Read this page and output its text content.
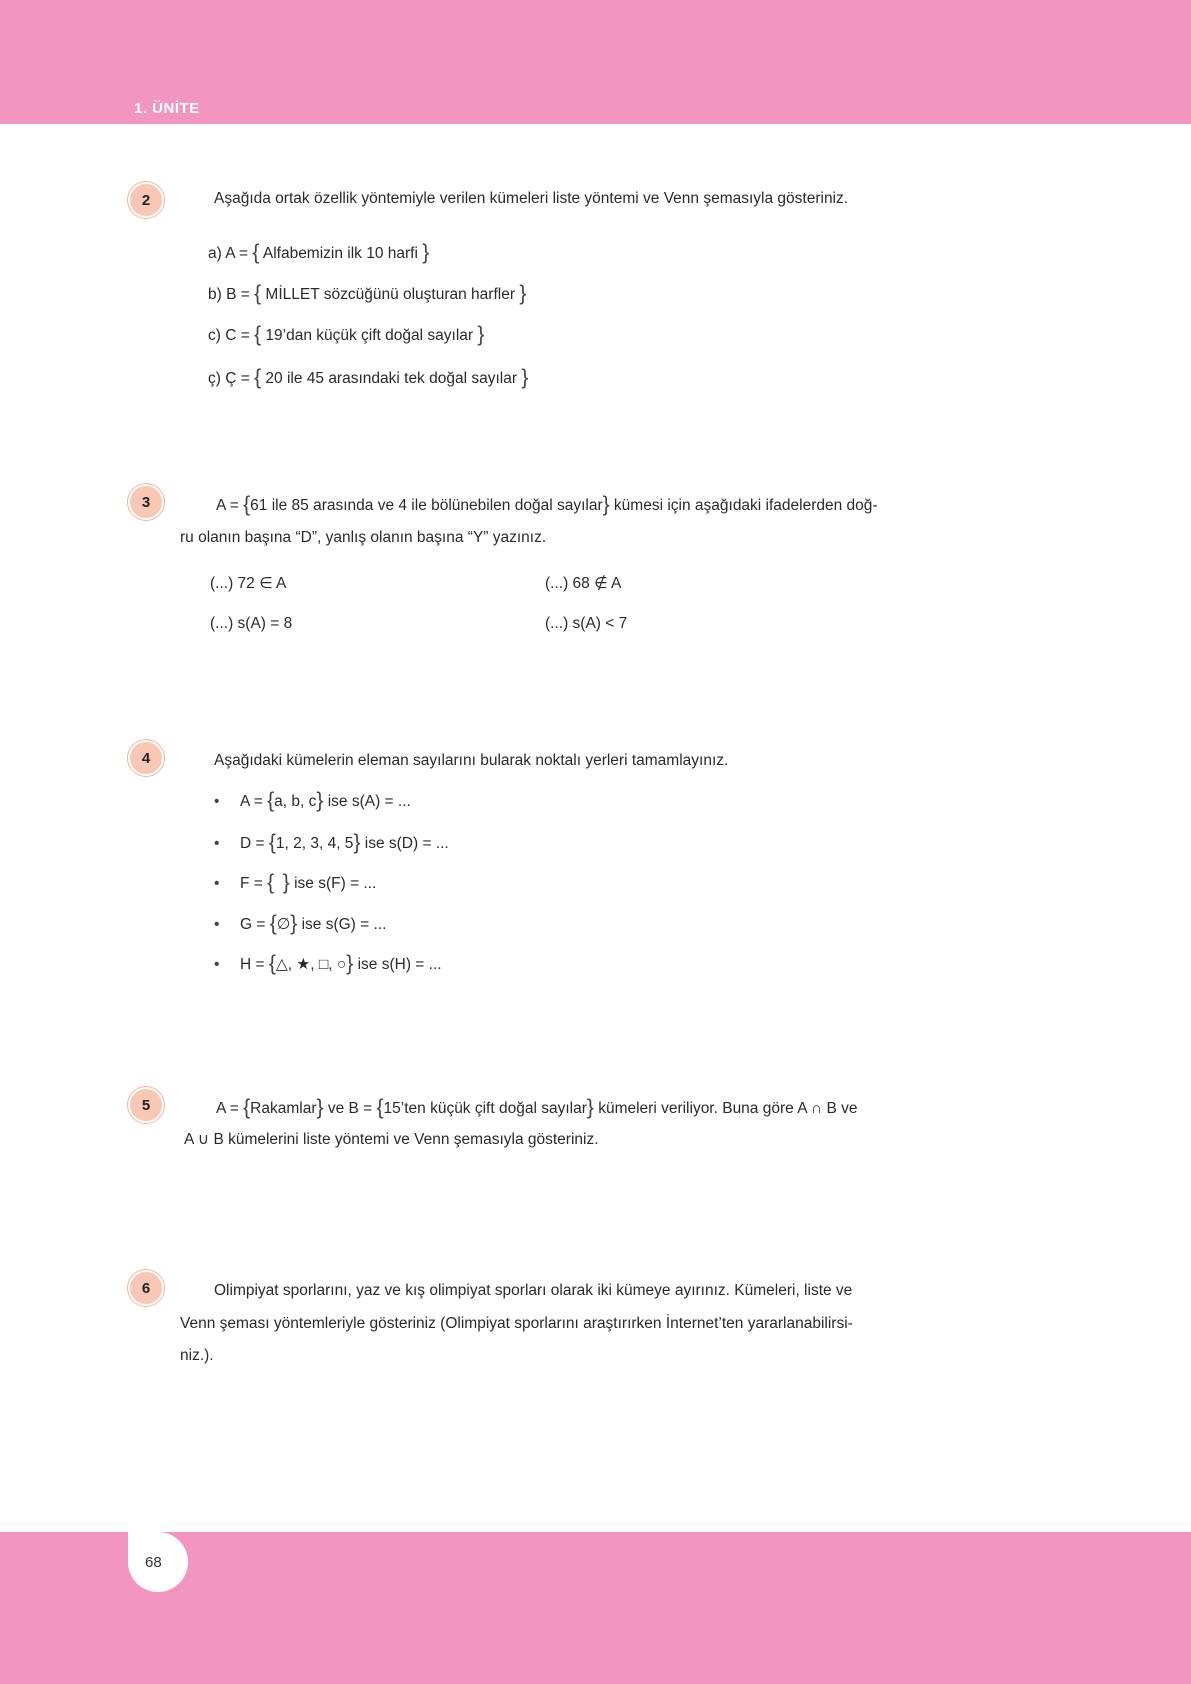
1. ÜNİTE
2	Aşağıda ortak özellik yöntemiyle verilen kümeleri liste yöntemi ve Venn şemasıyla gösteriniz.
a) A = { Alfabemizin ilk 10 harfi }
b) B = { MİLLET sözcüğünü oluşturan harfler }
c) C = { 19’dan küçük çift doğal sayılar }
ç) Ç = { 20 ile 45 arasındaki tek doğal sayılar }
3	A = {61 ile 85 arasında ve 4 ile bölünebilen doğal sayılar} kümesi için aşağıdaki ifadelerden doğ-
ru olanın başına “D”, yanlış olanın başına “Y” yazınız.
(...) 72 ∈ A	(...) 68 ∉ A
(...) s(A) = 8	(...) s(A) < 7
4	Aşağıdaki kümelerin eleman sayılarını bularak noktalı yerleri tamamlayınız.
• A = {a, b, c} ise s(A) = ...
• D = {1, 2, 3, 4, 5} ise s(D) = ...
• F = { } ise s(F) = ...
• G = {∅} ise s(G) = ...
• H = {△, ★, □, ○} ise s(H) = ...
5	A = {Rakamlar} ve B = {15’ten küçük çift doğal sayılar} kümeleri veriliyor. Buna göre A ∩ B ve
A ∪ B kümelerini liste yöntemi ve Venn şemasıyla gösteriniz.
6	Olimpiyat sporlarını, yaz ve kış olimpiyat sporları olarak iki kümeye ayırınız. Kümeleri, liste ve
Venn şeması yöntemleriyle gösteriniz (Olimpiyat sporlarını araştırırken İnternet’ten yararlanabilirsi-
niz.).
68
